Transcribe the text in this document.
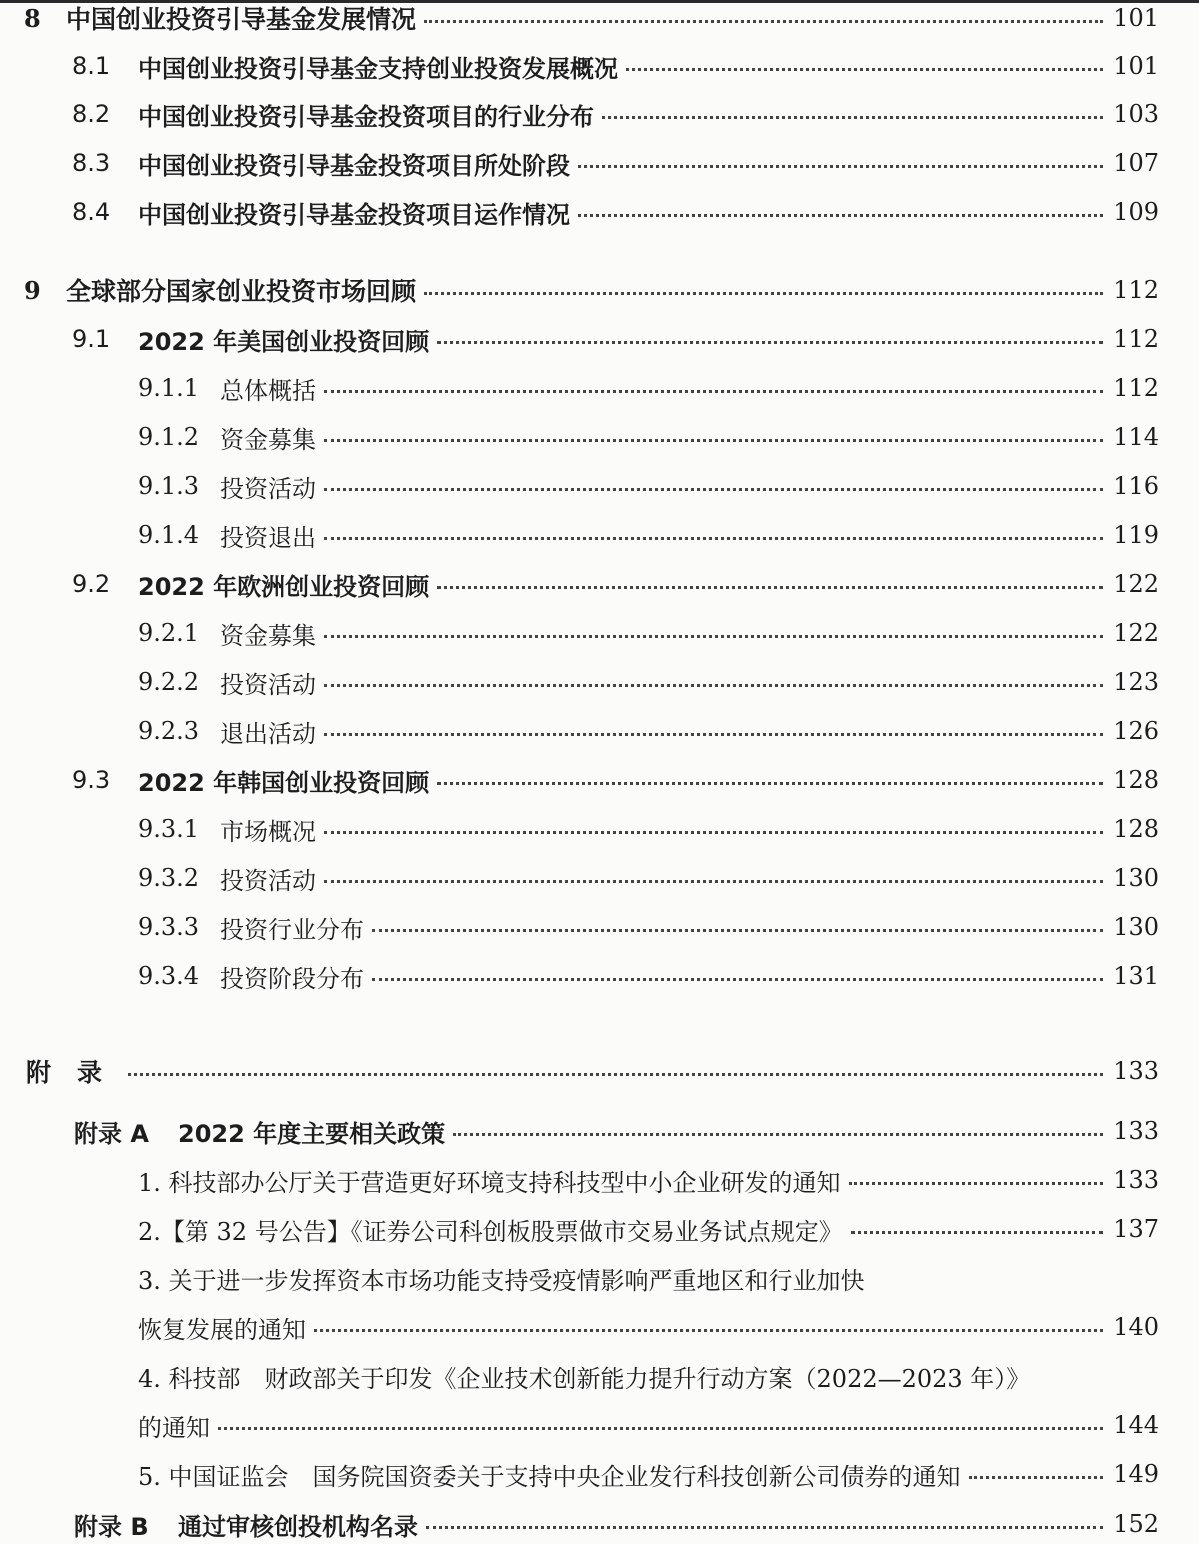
8	中国创业投资引导基金发展情况	101
8.1	中国创业投资引导基金支持创业投资发展概况	101
8.2	中国创业投资引导基金投资项目的行业分布	103
8.3	中国创业投资引导基金投资项目所处阶段	107
8.4	中国创业投资引导基金投资项目运作情况	109
9	全球部分国家创业投资市场回顾	112
9.1	2022 年美国创业投资回顾	112
9.1.1 总体概括	112
9.1.2 资金募集	114
9.1.3 投资活动	116
9.1.4 投资退出	119
9.2	2022 年欧洲创业投资回顾	122
9.2.1 资金募集	122
9.2.2 投资活动	123
9.2.3 退出活动	126
9.3	2022 年韩国创业投资回顾	128
9.3.1 市场概况	128
9.3.2 投资活动	130
9.3.3 投资行业分布	130
9.3.4 投资阶段分布	131
附录	133
附录 A	2022 年度主要相关政策	133
1. 科技部办公厅关于营造更好环境支持科技型中小企业研发的通知	133
2.【第 32 号公告】《证券公司科创板股票做市交易业务试点规定》	137
3. 关于进一步发挥资本市场功能支持受疫情影响严重地区和行业加快
恢复发展的通知	140
4. 科技部　财政部关于印发《企业技术创新能力提升行动方案（2022—2023 年）》
的通知	144
5. 中国证监会　国务院国资委关于支持中央企业发行科技创新公司债券的通知	149
附录 B	通过审核创投机构名录	152
